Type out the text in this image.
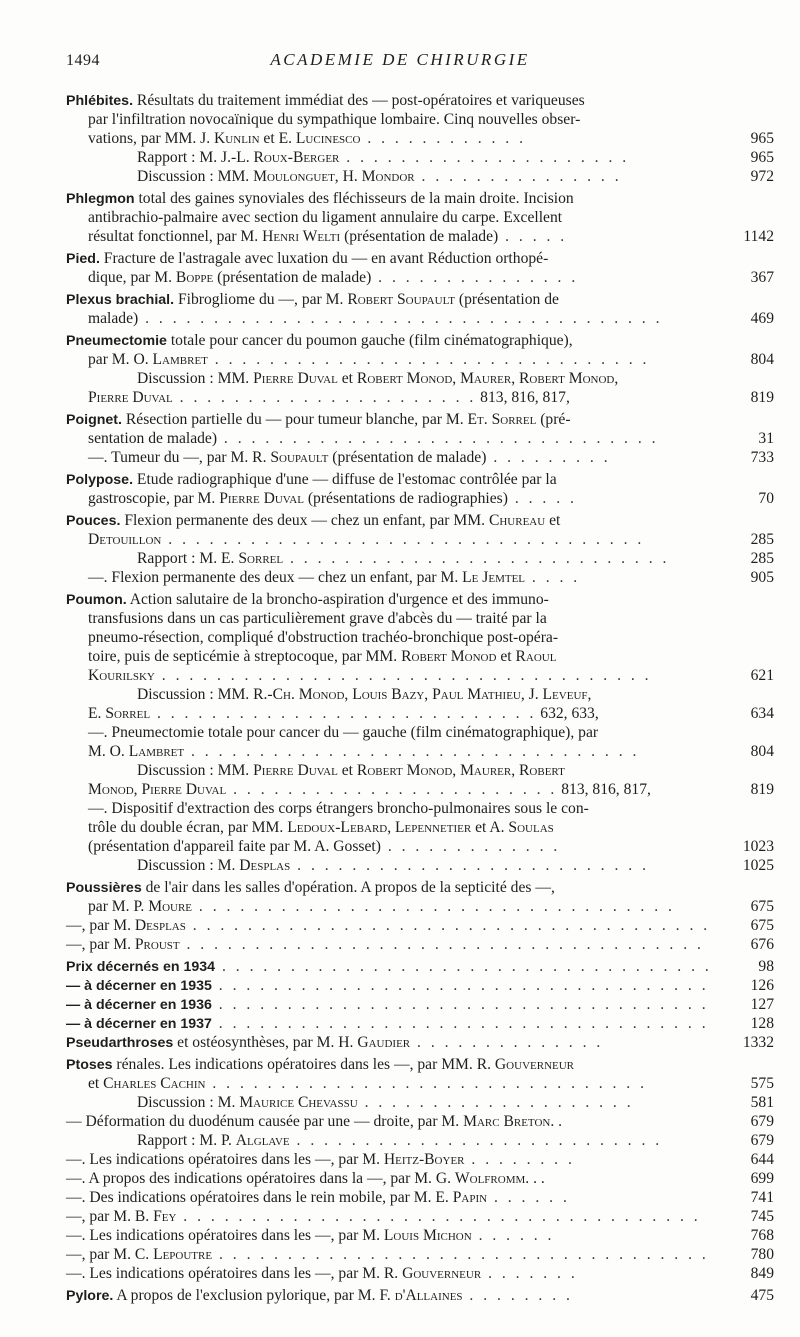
1494	ACADEMIE DE CHIRURGIE
Phlébites. Résultats du traitement immédiat des — post-opératoires et variqueuses
par l'infiltration novocaïnique du sympathique lombaire. Cinq nouvelles obser-
vations, par MM. J. Kunlin et E. Lucinesco . . . . . . . . . . . .	965
Rapport : M. J.-L. Roux-Berger . . . . . . . . . . . . . . . . . . . . .	965
Discussion : MM. Moulonguet, H. Mondor . . . . . . . . . . . . . . .	972
Phlegmon total des gaines synoviales des fléchisseurs de la main droite. Incision
antibrachio-palmaire avec section du ligament annulaire du carpe. Excellent
résultat fonctionnel, par M. Henri Welti (présentation de malade) . . . . .	1142
Pied. Fracture de l'astragale avec luxation du — en avant Réduction orthopé-
dique, par M. Boppe (présentation de malade) . . . . . . . . . . . . . . .	367
Plexus brachial. Fibrogliome du —, par M. Robert Soupault (présentation de
malade) . . . . . . . . . . . . . . . . . . . . . . . . . . . . . . . . . . . . . .	469
Pneumectomie totale pour cancer du poumon gauche (film cinématographique),
par M. O. Lambret . . . . . . . . . . . . . . . . . . . . . . . . . . . . . . . .	804
Discussion : MM. Pierre Duval et Robert Monod, Maurer, Robert Monod,
Pierre Duval . . . . . . . . . . . . . . . . . . . . . . 813, 816, 817,	819
Poignet. Résection partielle du — pour tumeur blanche, par M. Et. Sorrel (pré-
sentation de malade) . . . . . . . . . . . . . . . . . . . . . . . . . . . . . . . .	31
—. Tumeur du —, par M. R. Soupault (présentation de malade) . . . . . . . . .	733
Polypose. Etude radiographique d'une — diffuse de l'estomac contrôlée par la
gastroscopie, par M. Pierre Duval (présentations de radiographies) . . . . .	70
Pouces. Flexion permanente des deux — chez un enfant, par MM. Chureau et
Detouillon . . . . . . . . . . . . . . . . . . . . . . . . . . . . . . . . . . .	285
Rapport : M. E. Sorrel . . . . . . . . . . . . . . . . . . . . . . . . . . . .	285
—. Flexion permanente des deux — chez un enfant, par M. Le Jemtel . . . .	905
Poumon. Action salutaire de la broncho-aspiration d'urgence et des immuno-
transfusions dans un cas particulièrement grave d'abcès du — traité par la
pneumo-résection, compliqué d'obstruction trachéo-bronchique post-opéra-
toire, puis de septicémie à streptocoque, par MM. Robert Monod et Raoul
Kourilsky . . . . . . . . . . . . . . . . . . . . . . . . . . . . . . . . . . . .	621
Discussion : MM. R.-Ch. Monod, Louis Bazy, Paul Mathieu, J. Leveuf,
E. Sorrel . . . . . . . . . . . . . . . . . . . . . . . . . . . . 632, 633,	634
—. Pneumectomie totale pour cancer du — gauche (film cinématographique), par
M. O. Lambret . . . . . . . . . . . . . . . . . . . . . . . . . . . . . . . . .	804
Discussion : MM. Pierre Duval et Robert Monod, Maurer, Robert
Monod, Pierre Duval . . . . . . . . . . . . . . . . . . . . . . . . 813, 816, 817,	819
—. Dispositif d'extraction des corps étrangers broncho-pulmonaires sous le con-
trôle du double écran, par MM. Ledoux-Lebard, Lepennetier et A. Soulas
(présentation d'appareil faite par M. A. Gosset) . . . . . . . . . . . . .	1023
Discussion : M. Desplas . . . . . . . . . . . . . . . . . . . . . . . . . .	1025
Poussières de l'air dans les salles d'opération. A propos de la septicité des —,
par M. P. Moure . . . . . . . . . . . . . . . . . . . . . . . . . . . . . . . . . . .	675
—, par M. Desplas . . . . . . . . . . . . . . . . . . . . . . . . . . . . . . . . . . . . . .	675
—, par M. Proust . . . . . . . . . . . . . . . . . . . . . . . . . . . . . . . . . . . . . .	676
Prix décernés en 1934 . . . . . . . . . . . . . . . . . . . . . . . . . . . . . . . . . . . .	98
— à décerner en 1935 . . . . . . . . . . . . . . . . . . . . . . . . . . . . . . . . . . . .	126
— à décerner en 1936 . . . . . . . . . . . . . . . . . . . . . . . . . . . . . . . . . . . .	127
— à décerner en 1937 . . . . . . . . . . . . . . . . . . . . . . . . . . . . . . . . . . . .	128
Pseudarthroses et ostéosynthèses, par M. H. Gaudier . . . . . . . . . . . . . .	1332
Ptoses rénales. Les indications opératoires dans les —, par MM. R. Gouverneur
et Charles Cachin . . . . . . . . . . . . . . . . . . . . . . . . . . . . . . . .	575
Discussion : M. Maurice Chevassu . . . . . . . . . . . . . . . . . . . .	581
— Déformation du duodénum causée par une — droite, par M. Marc Breton. .	679
Rapport : M. P. Alglave . . . . . . . . . . . . . . . . . . . . . . . . . . .	679
—. Les indications opératoires dans les —, par M. Heitz-Boyer . . . . . . . .	644
—. A propos des indications opératoires dans la —, par M. G. Wolfromm. . .	699
—. Des indications opératoires dans le rein mobile, par M. E. Papin . . . . . .	741
—, par M. B. Fey . . . . . . . . . . . . . . . . . . . . . . . . . . . . . . . . . . . . . .	745
—. Les indications opératoires dans les —, par M. Louis Michon . . . . . .	768
—, par M. C. Lepoutre . . . . . . . . . . . . . . . . . . . . . . . . . . . . . . . . . . . .	780
—. Les indications opératoires dans les —, par M. R. Gouverneur . . . . . . .	849
Pylore. A propos de l'exclusion pylorique, par M. F. d'Allaines . . . . . . . .	475
